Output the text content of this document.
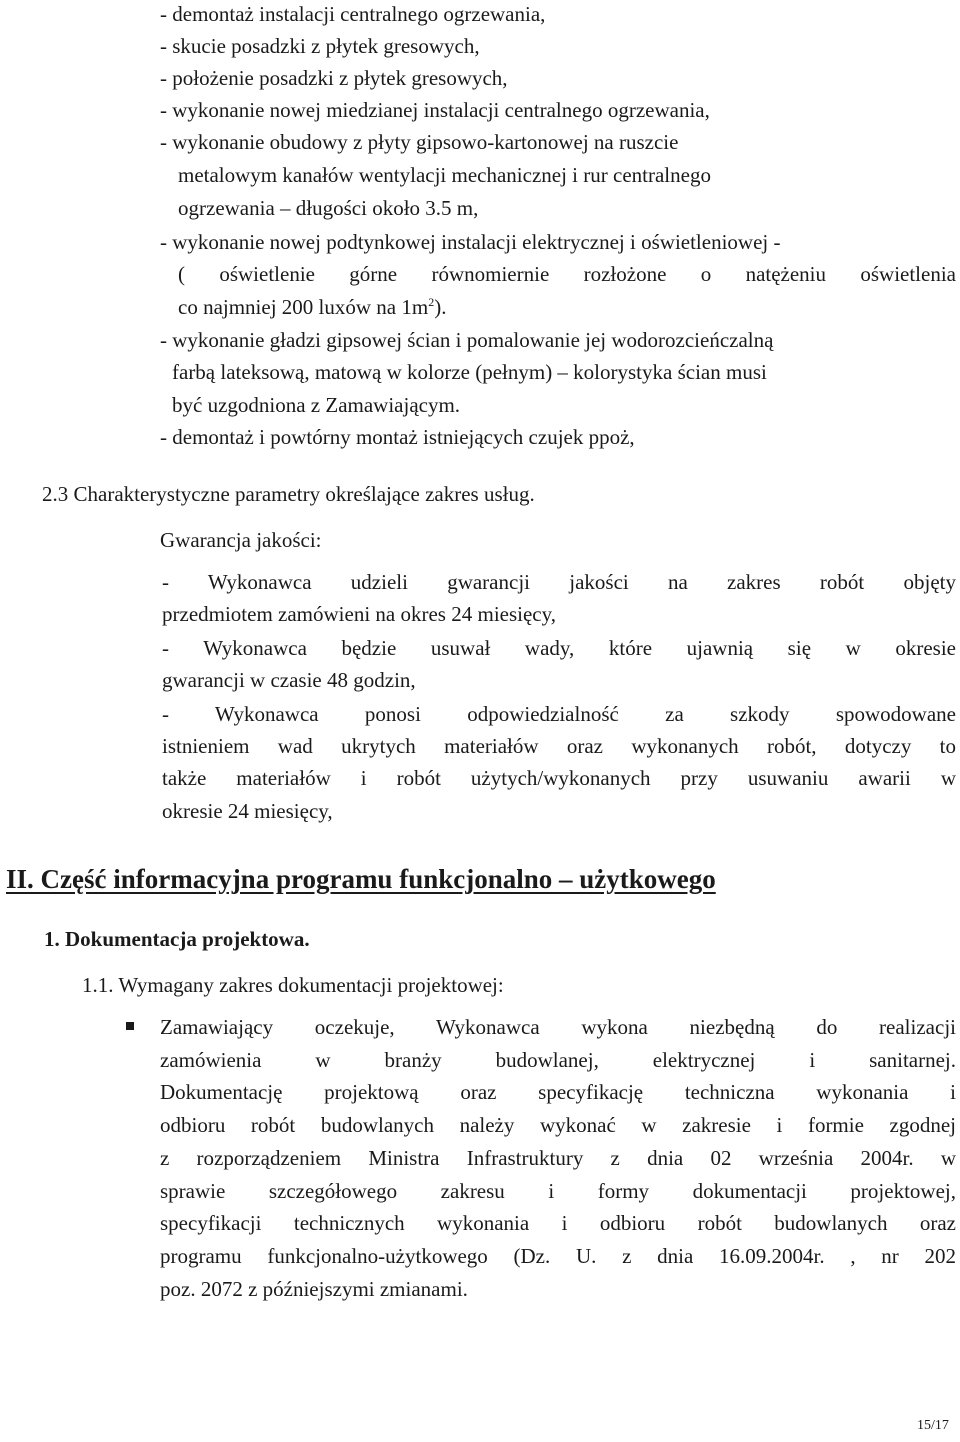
- demontaż instalacji centralnego ogrzewania,
- skucie posadzki z płytek gresowych,
- położenie posadzki z płytek gresowych,
- wykonanie nowej miedzianej instalacji centralnego ogrzewania,
- wykonanie obudowy z płyty gipsowo-kartonowej na ruszcie
metalowym kanałów wentylacji mechanicznej i rur centralnego
ogrzewania – długości około 3.5 m,
- wykonanie nowej podtynkowej instalacji elektrycznej i oświetleniowej -
( oświetlenie górne równomiernie rozłożone o natężeniu oświetlenia
co najmniej 200 luxów na $1m^2$).
- wykonanie gładzi gipsowej ścian i pomalowanie jej wodorozcieńczalną
farbą lateksową, matową w kolorze (pełnym) – kolorystyka ścian musi
być uzgodniona z Zamawiającym.
- demontaż i powtórny montaż istniejących czujek ppoż,
2.3 Charakterystyczne parametry określające zakres usług.
Gwarancja jakości:
- Wykonawca udzieli gwarancji jakości na zakres robót objęty
przedmiotem zamówieni na okres 24 miesięcy,
- Wykonawca będzie usuwał wady, które ujawnią się w okresie
gwarancji w czasie 48 godzin,
- Wykonawca ponosi odpowiedzialność za szkody spowodowane
istnieniem wad ukrytych materiałów oraz wykonanych robót, dotyczy to
także materiałów i robót użytych/wykonanych przy usuwaniu awarii w
okresie 24 miesięcy,
II. Część informacyjna programu funkcjonalno – użytkowego
1. Dokumentacja projektowa.
1.1. Wymagany zakres dokumentacji projektowej:
Zamawiający oczekuje, Wykonawca wykona niezbędną do realizacji
zamówienia w branży budowlanej, elektrycznej i sanitarnej.
Dokumentację projektową oraz specyfikację techniczna wykonania i
odbioru robót budowlanych należy wykonać w zakresie i formie zgodnej
z rozporządzeniem Ministra Infrastruktury z dnia 02 września 2004r. w
sprawie szczegółowego zakresu i formy dokumentacji projektowej,
specyfikacji technicznych wykonania i odbioru robót budowlanych oraz
programu funkcjonalno-użytkowego (Dz. U. z dnia 16.09.2004r. , nr 202
poz. 2072 z późniejszymi zmianami.
15/17
